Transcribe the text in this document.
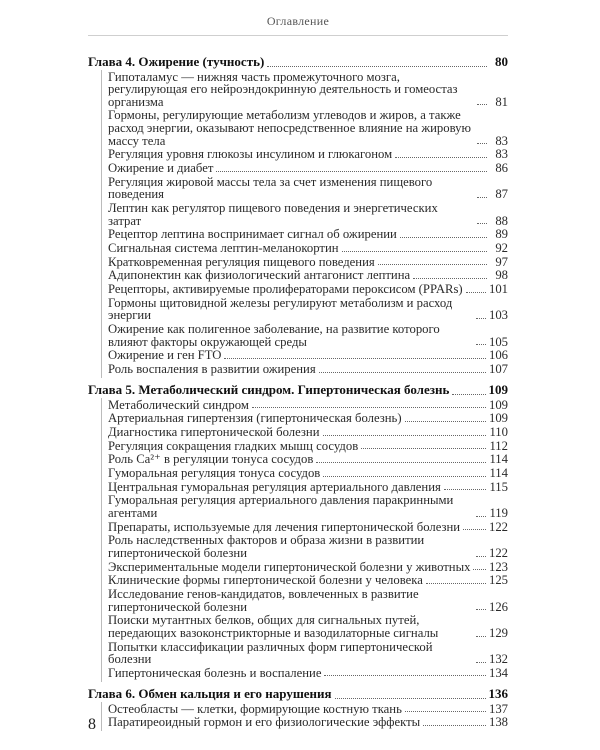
Оглавление
Глава 4. Ожирение (тучность)	80
Гипоталамус — нижняя часть промежуточного мозга, регулирующая его нейроэндокринную деятельность и гомеостаз организма	81
Гормоны, регулирующие метаболизм углеводов и жиров, а также расход энергии, оказывают непосредственное влияние на жировую массу тела	83
Регуляция уровня глюкозы инсулином и глюкагоном	83
Ожирение и диабет	86
Регуляция жировой массы тела за счет изменения пищевого поведения	87
Лептин как регулятор пищевого поведения и энергетических затрат	88
Рецептор лептина воспринимает сигнал об ожирении	89
Сигнальная система лептин-меланокортин	92
Кратковременная регуляция пищевого поведения	97
Адипонектин как физиологический антагонист лептина	98
Рецепторы, активируемые пролифераторами пероксисом (PPARs) 101
Гормоны щитовидной железы регулируют метаболизм и расход энергии	103
Ожирение как полигенное заболевание, на развитие которого влияют факторы окружающей среды	105
Ожирение и ген FTO	106
Роль воспаления в развитии ожирения	107
Глава 5. Метаболический синдром. Гипертоническая болезнь	109
Метаболический синдром	109
Артериальная гипертензия (гипертоническая болезнь)	109
Диагностика гипертонической болезни	110
Регуляция сокращения гладких мышц сосудов	112
Роль Ca²⁺ в регуляции тонуса сосудов	114
Гуморальная регуляция тонуса сосудов	114
Центральная гуморальная регуляция артериального давления	115
Гуморальная регуляция артериального давления паракринными агентами	119
Препараты, используемые для лечения гипертонической болезни 122
Роль наследственных факторов и образа жизни в развитии гипертонической болезни	122
Экспериментальные модели гипертонической болезни у животных 123
Клинические формы гипертонической болезни у человека	125
Исследование генов-кандидатов, вовлеченных в развитие гипертонической болезни	126
Поиски мутантных белков, общих для сигнальных путей, передающих вазоконстрикторные и вазодилаторные сигналы	129
Попытки классификации различных форм гипертонической болезни	132
Гипертоническая болезнь и воспаление	134
Глава 6. Обмен кальция и его нарушения	136
Остеобласты — клетки, формирующие костную ткань	137
Паратиреоидный гормон и его физиологические эффекты	138
8
